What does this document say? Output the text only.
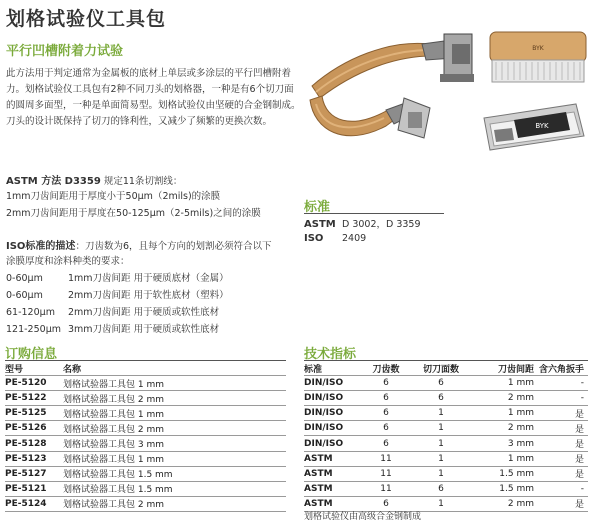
划格试验仪工具包
平行凹槽附着力试验

此方法用于判定通常为金属板的底材上单层或多涂层的平行凹槽附着力。划格试验仪工具包有2种不同刀头的划格器，一种是有6个切刀面的圆周多面型，一种是单面简易型。划格试验仪由坚硬的合金钢制成。刀头的设计既保持了切刀的锋利性，又减少了频繁的更换次数。

ASTM 方法 D3359 规定11条切割线：
1mm刀齿间距用于厚度小于50μm（2mils)的涂膜
2mm刀齿间距用于厚度在50-125μm（2-5mils)之间的涂膜
ISO标准的描述：刀齿数为6，且每个方向的划割必须符合以下
涂膜厚度和涂料种类的要求：
0-60μm	1mm刀齿间距 用于硬质底材（金属）
0-60μm	2mm刀齿间距 用于软性底材（塑料）
61-120μm 2mm刀齿间距 用于硬质或软性底材
121-250μm 3mm刀齿间距 用于硬质或软性底材
标准
ASTM D 3002，D 3359
ISO 2409
订购信息
型号	名称
PE-5120	划格试验器工具包 1 mm
PE-5122	划格试验器工具包 2 mm
PE-5125	划格试验器工具包 1 mm
PE-5126	划格试验器工具包 2 mm
PE-5128	划格试验器工具包 3 mm
PE-5123	划格试验器工具包 1 mm
PE-5127	划格试验器工具包 1.5 mm
PE-5121	划格试验器工具包 1.5 mm
PE-5124	划格试验器工具包 2 mm
技术指标
标准	刀齿数	切刀面数	刀齿间距	含六角扳手
DIN/ISO	6	6	1 mm	-
DIN/ISO	6	6	2 mm	-
DIN/ISO	6	1	1 mm	是
DIN/ISO	6	1	2 mm	是
DIN/ISO	6	1	3 mm	是
ASTM	11	1	1 mm	是
ASTM	11	1	1.5 mm	是
ASTM	11	6	1.5 mm	-
ASTM	6	1	2 mm	是
划格试验仪由高级合金钢制成
BYK
BYK
